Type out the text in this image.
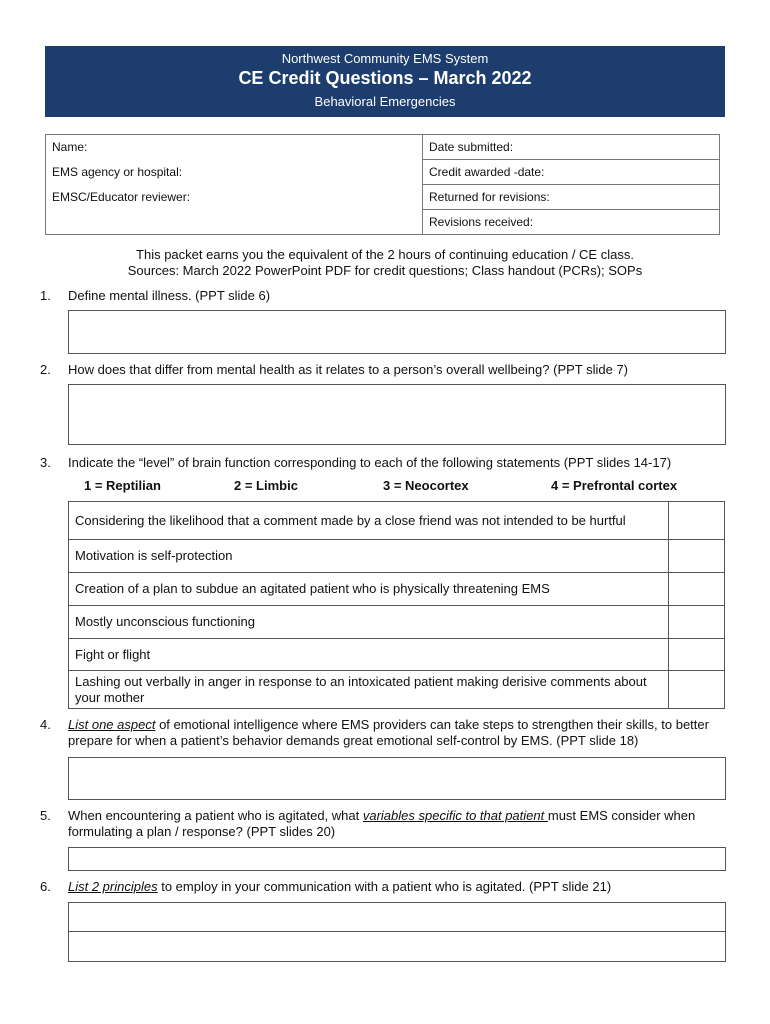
Northwest Community EMS System
CE Credit Questions – March 2022
Behavioral Emergencies
Name:	Date submitted:
EMS agency or hospital:	Credit awarded -date:
EMSC/Educator reviewer:	Returned for revisions:
	Revisions received:
This packet earns you the equivalent of the 2 hours of continuing education / CE class.
Sources: March 2022 PowerPoint PDF for credit questions; Class handout (PCRs); SOPs
1.	Define mental illness. (PPT slide 6)
2.	How does that differ from mental health as it relates to a person’s overall wellbeing? (PPT slide 7)
3.	Indicate the “level” of brain function corresponding to each of the following statements (PPT slides 14-17)
1 = Reptilian	2 = Limbic	3 = Neocortex	4 = Prefrontal cortex
Considering the likelihood that a comment made by a close friend was not intended to be hurtful	
Motivation is self-protection	
Creation of a plan to subdue an agitated patient who is physically threatening EMS	
Mostly unconscious functioning	
Fight or flight	
Lashing out verbally in anger in response to an intoxicated patient making derisive comments about your mother	
4.	List one aspect of emotional intelligence where EMS providers can take steps to strengthen their skills, to better prepare for when a patient’s behavior demands great emotional self-control by EMS. (PPT slide 18)
5.	When encountering a patient who is agitated, what variables specific to that patient must EMS consider when formulating a plan / response? (PPT slides 20)
6.	List 2 principles to employ in your communication with a patient who is agitated. (PPT slide 21)
